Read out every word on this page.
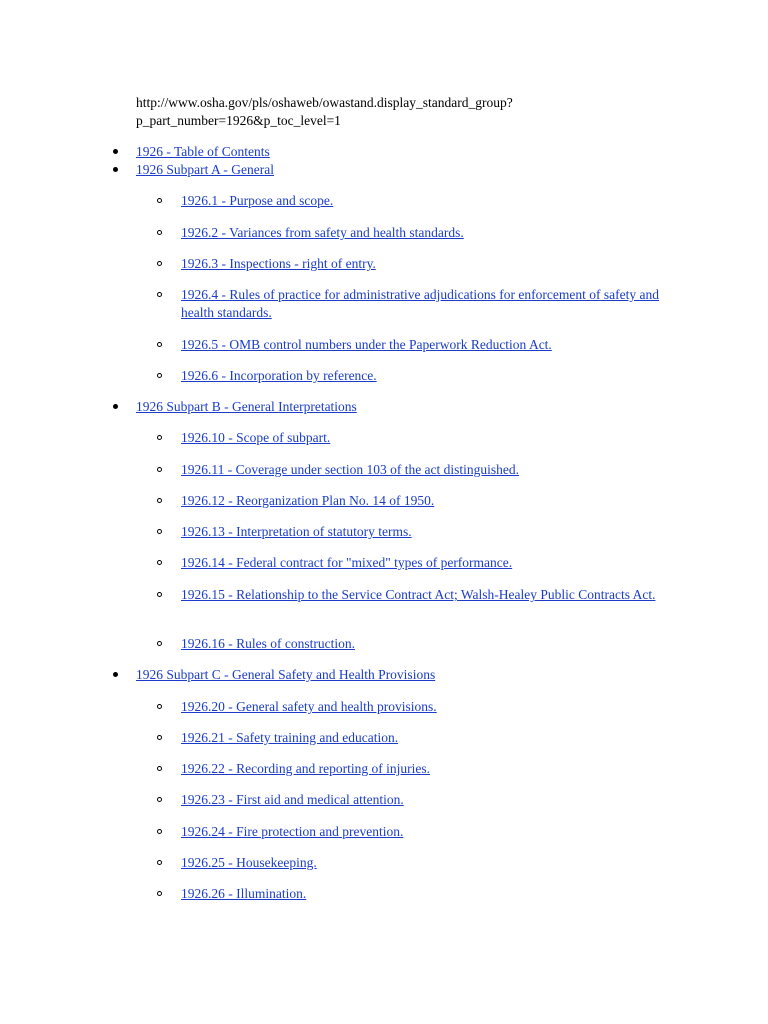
http://www.osha.gov/pls/oshaweb/owastand.display_standard_group?
p_part_number=1926&p_toc_level=1
1926 - Table of Contents
1926 Subpart A - General
1926.1 - Purpose and scope.
1926.2 - Variances from safety and health standards.
1926.3 - Inspections - right of entry.
1926.4 - Rules of practice for administrative adjudications for enforcement of safety and health standards.
1926.5 - OMB control numbers under the Paperwork Reduction Act.
1926.6 - Incorporation by reference.
1926 Subpart B - General Interpretations
1926.10 - Scope of subpart.
1926.11 - Coverage under section 103 of the act distinguished.
1926.12 - Reorganization Plan No. 14 of 1950.
1926.13 - Interpretation of statutory terms.
1926.14 - Federal contract for "mixed" types of performance.
1926.15 - Relationship to the Service Contract Act; Walsh-Healey Public Contracts Act.
1926.16 - Rules of construction.
1926 Subpart C - General Safety and Health Provisions
1926.20 - General safety and health provisions.
1926.21 - Safety training and education.
1926.22 - Recording and reporting of injuries.
1926.23 - First aid and medical attention.
1926.24 - Fire protection and prevention.
1926.25 - Housekeeping.
1926.26 - Illumination.
